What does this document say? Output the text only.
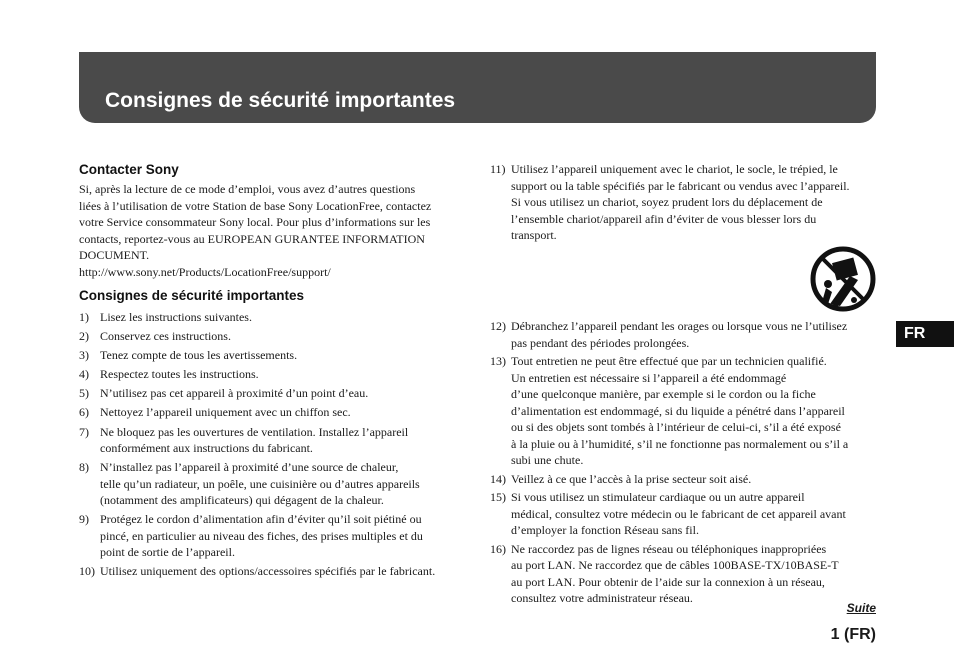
Consignes de sécurité importantes
Contacter Sony

Si, après la lecture de ce mode d’emploi, vous avez d’autres questions
liées à l’utilisation de votre Station de base Sony LocationFree, contactez
votre Service consommateur Sony local. Pour plus d’informations sur les
contacts, reportez-vous au EUROPEAN GURANTEE INFORMATION
DOCUMENT.
http://www.sony.net/Products/LocationFree/support/

Consignes de sécurité importantes
1) Lisez les instructions suivantes.
2) Conservez ces instructions.
3) Tenez compte de tous les avertissements.
4) Respectez toutes les instructions.
5) N’utilisez pas cet appareil à proximité d’un point d’eau.
6) Nettoyez l’appareil uniquement avec un chiffon sec.
7) Ne bloquez pas les ouvertures de ventilation. Installez l’appareil
conformément aux instructions du fabricant.
8) N’installez pas l’appareil à proximité d’une source de chaleur,
telle qu’un radiateur, un poêle, une cuisinière ou d’autres appareils
(notamment des amplificateurs) qui dégagent de la chaleur.
9) Protégez le cordon d’alimentation afin d’éviter qu’il soit piétiné ou
pincé, en particulier au niveau des fiches, des prises multiples et du
point de sortie de l’appareil.
10) Utilisez uniquement des options/accessoires spécifiés par le fabricant.
11) Utilisez l’appareil uniquement avec le chariot, le socle, le trépied, le
support ou la table spécifiés par le fabricant ou vendus avec l’appareil.
Si vous utilisez un chariot, soyez prudent lors du déplacement de
l’ensemble chariot/appareil afin d’éviter de vous blesser lors du
transport.
12) Débranchez l’appareil pendant les orages ou lorsque vous ne l’utilisez
pas pendant des périodes prolongées.
13) Tout entretien ne peut être effectué que par un technicien qualifié.
Un entretien est nécessaire si l’appareil a été endommagé
d’une quelconque manière, par exemple si le cordon ou la fiche
d’alimentation est endommagé, si du liquide a pénétré dans l’appareil
ou si des objets sont tombés à l’intérieur de celui-ci, s’il a été exposé
à la pluie ou à l’humidité, s’il ne fonctionne pas normalement ou s’il a
subi une chute.
14) Veillez à ce que l’accès à la prise secteur soit aisé.
15) Si vous utilisez un stimulateur cardiaque ou un autre appareil
médical, consultez votre médecin ou le fabricant de cet appareil avant
d’employer la fonction Réseau sans fil.
16) Ne raccordez pas de lignes réseau ou téléphoniques inappropriées
au port LAN. Ne raccordez que de câbles 100BASE-TX/10BASE-T
au port LAN. Pour obtenir de l’aide sur la connexion à un réseau,
consultez votre administrateur réseau.
FR
Suite
1 (FR)
